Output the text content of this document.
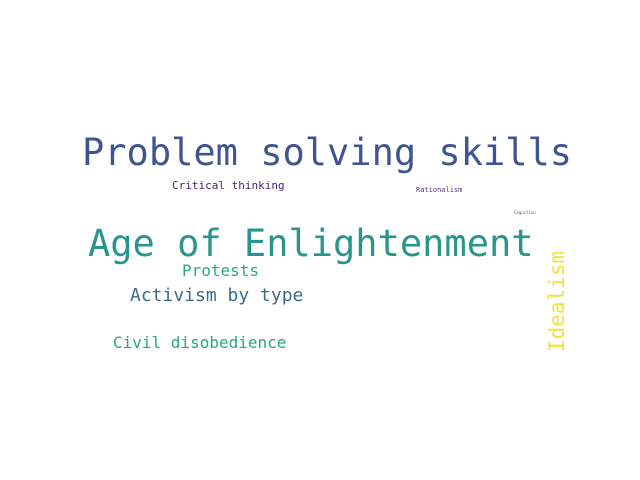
Problem solving skills
Age of Enlightenment
Critical thinking	Rationalism
Cognition
Protests
Activism by type
Civil disobedience	Idealism
